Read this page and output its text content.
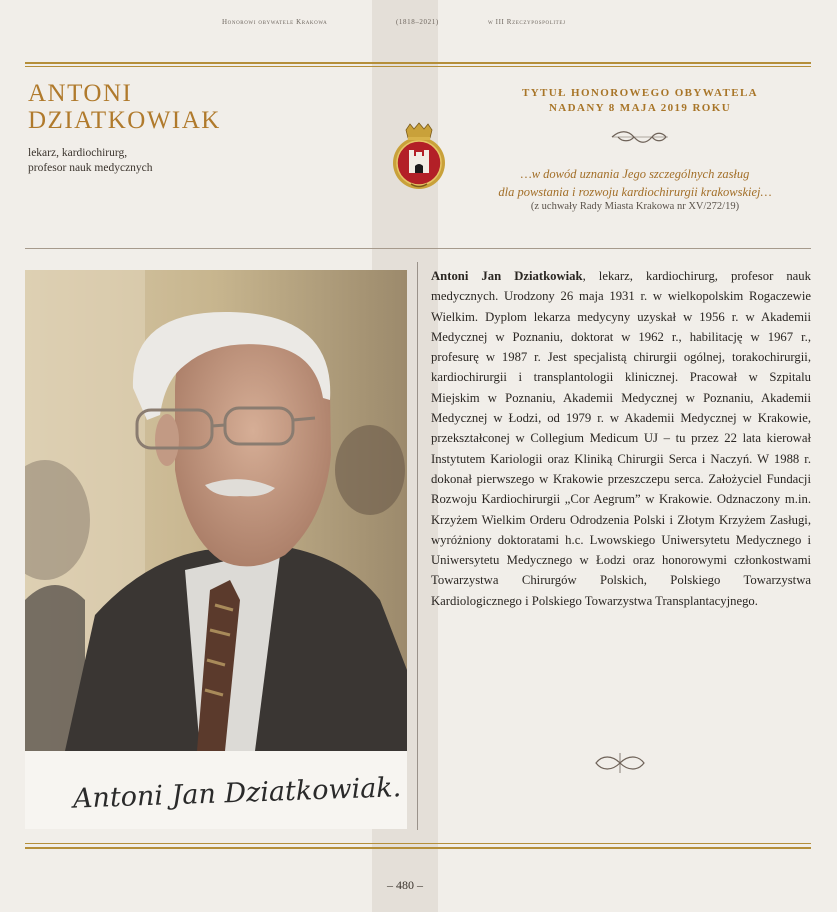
Honorowi obywatele Krakowa	(1818–2021)	w III Rzeczypospolitej
ANTONI
DZIATKOWIAK
lekarz, kardiochirurg,
profesor nauk medycznych
TYTUŁ HONOROWEGO OBYWATELA
NADANY 8 MAJA 2019 ROKU
…w dowód uznania Jego szczególnych zasług
dla powstania i rozwoju kardiochirurgii krakowskiej…
(z uchwały Rady Miasta Krakowa nr XV/272/19)
Antoni Jan Dziatkowiak.

Antoni Jan Dziatkowiak, lekarz, kardiochirurg, profesor nauk medycznych. Urodzony 26 maja 1931 r. w wielkopolskim Rogaczewie Wielkim. Dyplom lekarza medycyny uzyskał w 1956 r. w Akademii Medycznej w Poznaniu, doktorat w 1962 r., habilitację w 1967 r., profesurę w 1987 r. Jest specjalistą chirurgii ogólnej, torakochirurgii, kardiochirurgii i transplantologii klinicznej. Pracował w Szpitalu Miejskim w Poznaniu, Akademii Medycznej w Poznaniu, Akademii Medycznej w Łodzi, od 1979 r. w Akademii Medycznej w Krakowie, przekształconej w Collegium Medicum UJ – tu przez 22 lata kierował Instytutem Kariologii oraz Kliniką Chirurgii Serca i Naczyń. W 1988 r. dokonał pierwszego w Krakowie przeszczepu serca. Założyciel Fundacji Rozwoju Kardiochirurgii „Cor Aegrum” w Krakowie. Odznaczony m.in. Krzyżem Wielkim Orderu Odrodzenia Polski i Złotym Krzyżem Zasługi, wyróżniony doktoratami h.c. Lwowskiego Uniwersytetu Medycznego i Uniwersytetu Medycznego w Łodzi oraz honorowymi członkostwami Towarzystwa Chirurgów Polskich, Polskiego Towarzystwa Kardiologicznego i Polskiego Towarzystwa Transplantacyjnego.

– 480 –
